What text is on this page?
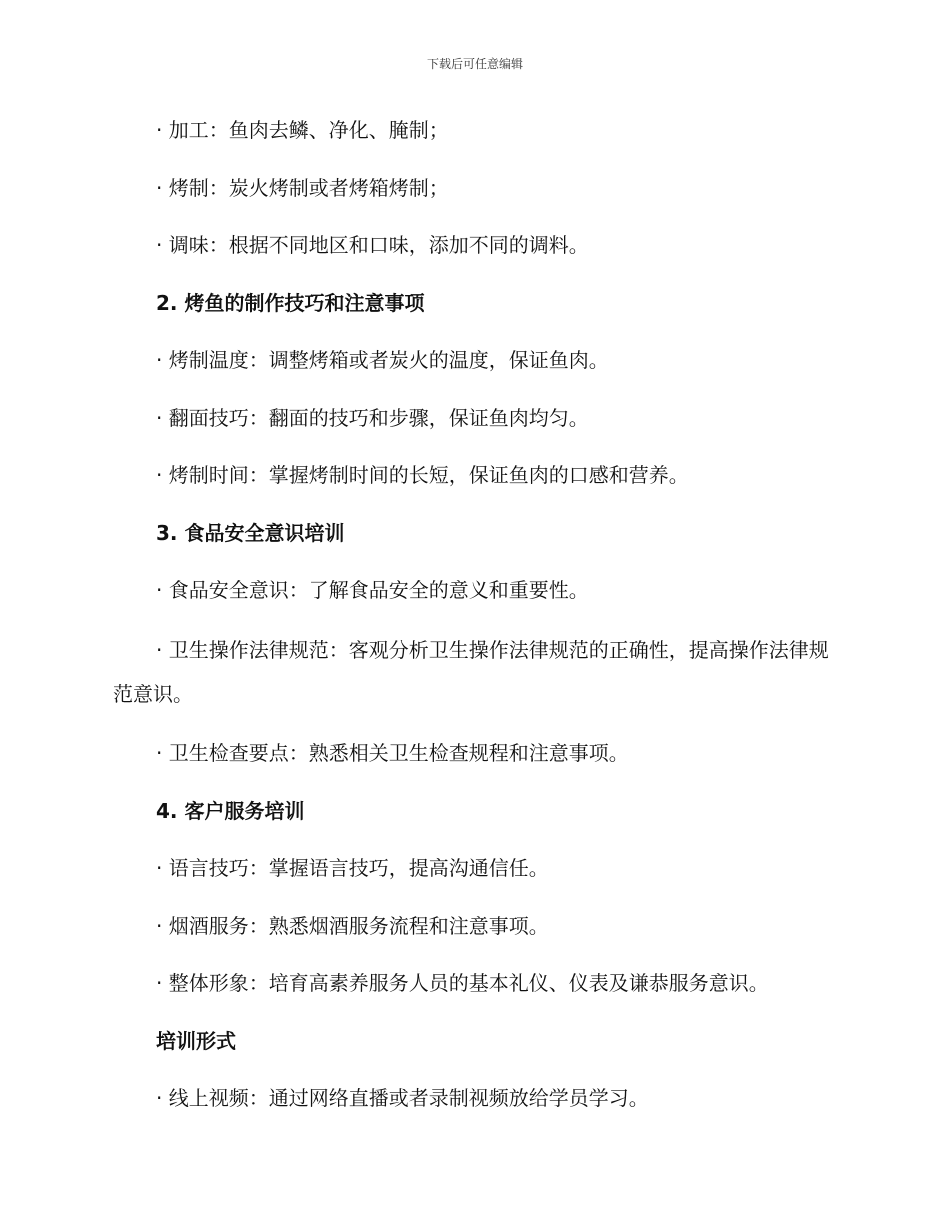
下载后可任意编辑
· 加工：鱼肉去鳞、净化、腌制；
· 烤制：炭火烤制或者烤箱烤制；
· 调味：根据不同地区和口味，添加不同的调料。
2. 烤鱼的制作技巧和注意事项
· 烤制温度：调整烤箱或者炭火的温度，保证鱼肉。
· 翻面技巧：翻面的技巧和步骤，保证鱼肉均匀。
· 烤制时间：掌握烤制时间的长短，保证鱼肉的口感和营养。
3. 食品安全意识培训
· 食品安全意识：了解食品安全的意义和重要性。
· 卫生操作法律规范：客观分析卫生操作法律规范的正确性，提高操作法律规范意识。
· 卫生检查要点：熟悉相关卫生检查规程和注意事项。
4. 客户服务培训
· 语言技巧：掌握语言技巧，提高沟通信任。
· 烟酒服务：熟悉烟酒服务流程和注意事项。
· 整体形象：培育高素养服务人员的基本礼仪、仪表及谦恭服务意识。
培训形式
· 线上视频：通过网络直播或者录制视频放给学员学习。
